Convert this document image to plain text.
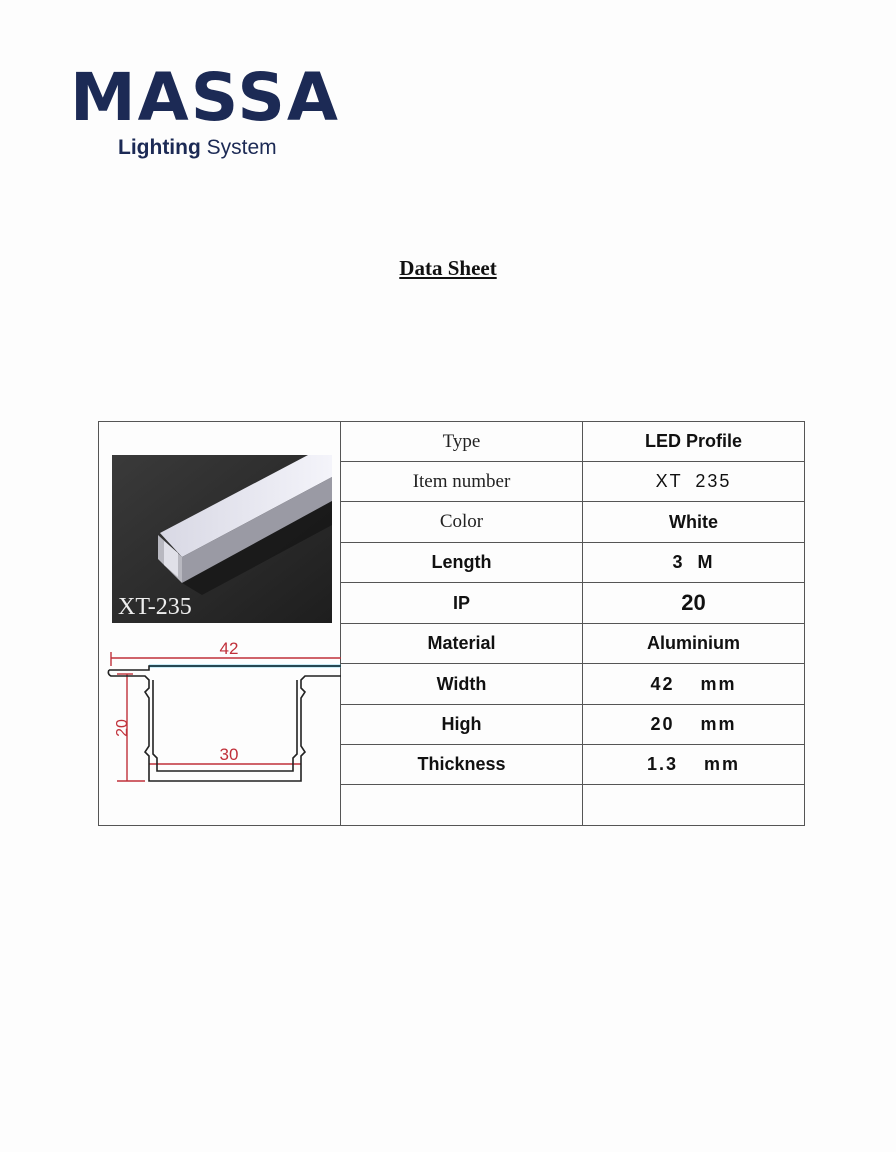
MASSA
Lighting System
Data Sheet
XT-235
42
30
20
Type	LED Profile
Item number	XT 235
Color	White
Length	3 M
IP	20
Material	Aluminium
Width	42  mm
High	20  mm
Thickness	1.3  mm
